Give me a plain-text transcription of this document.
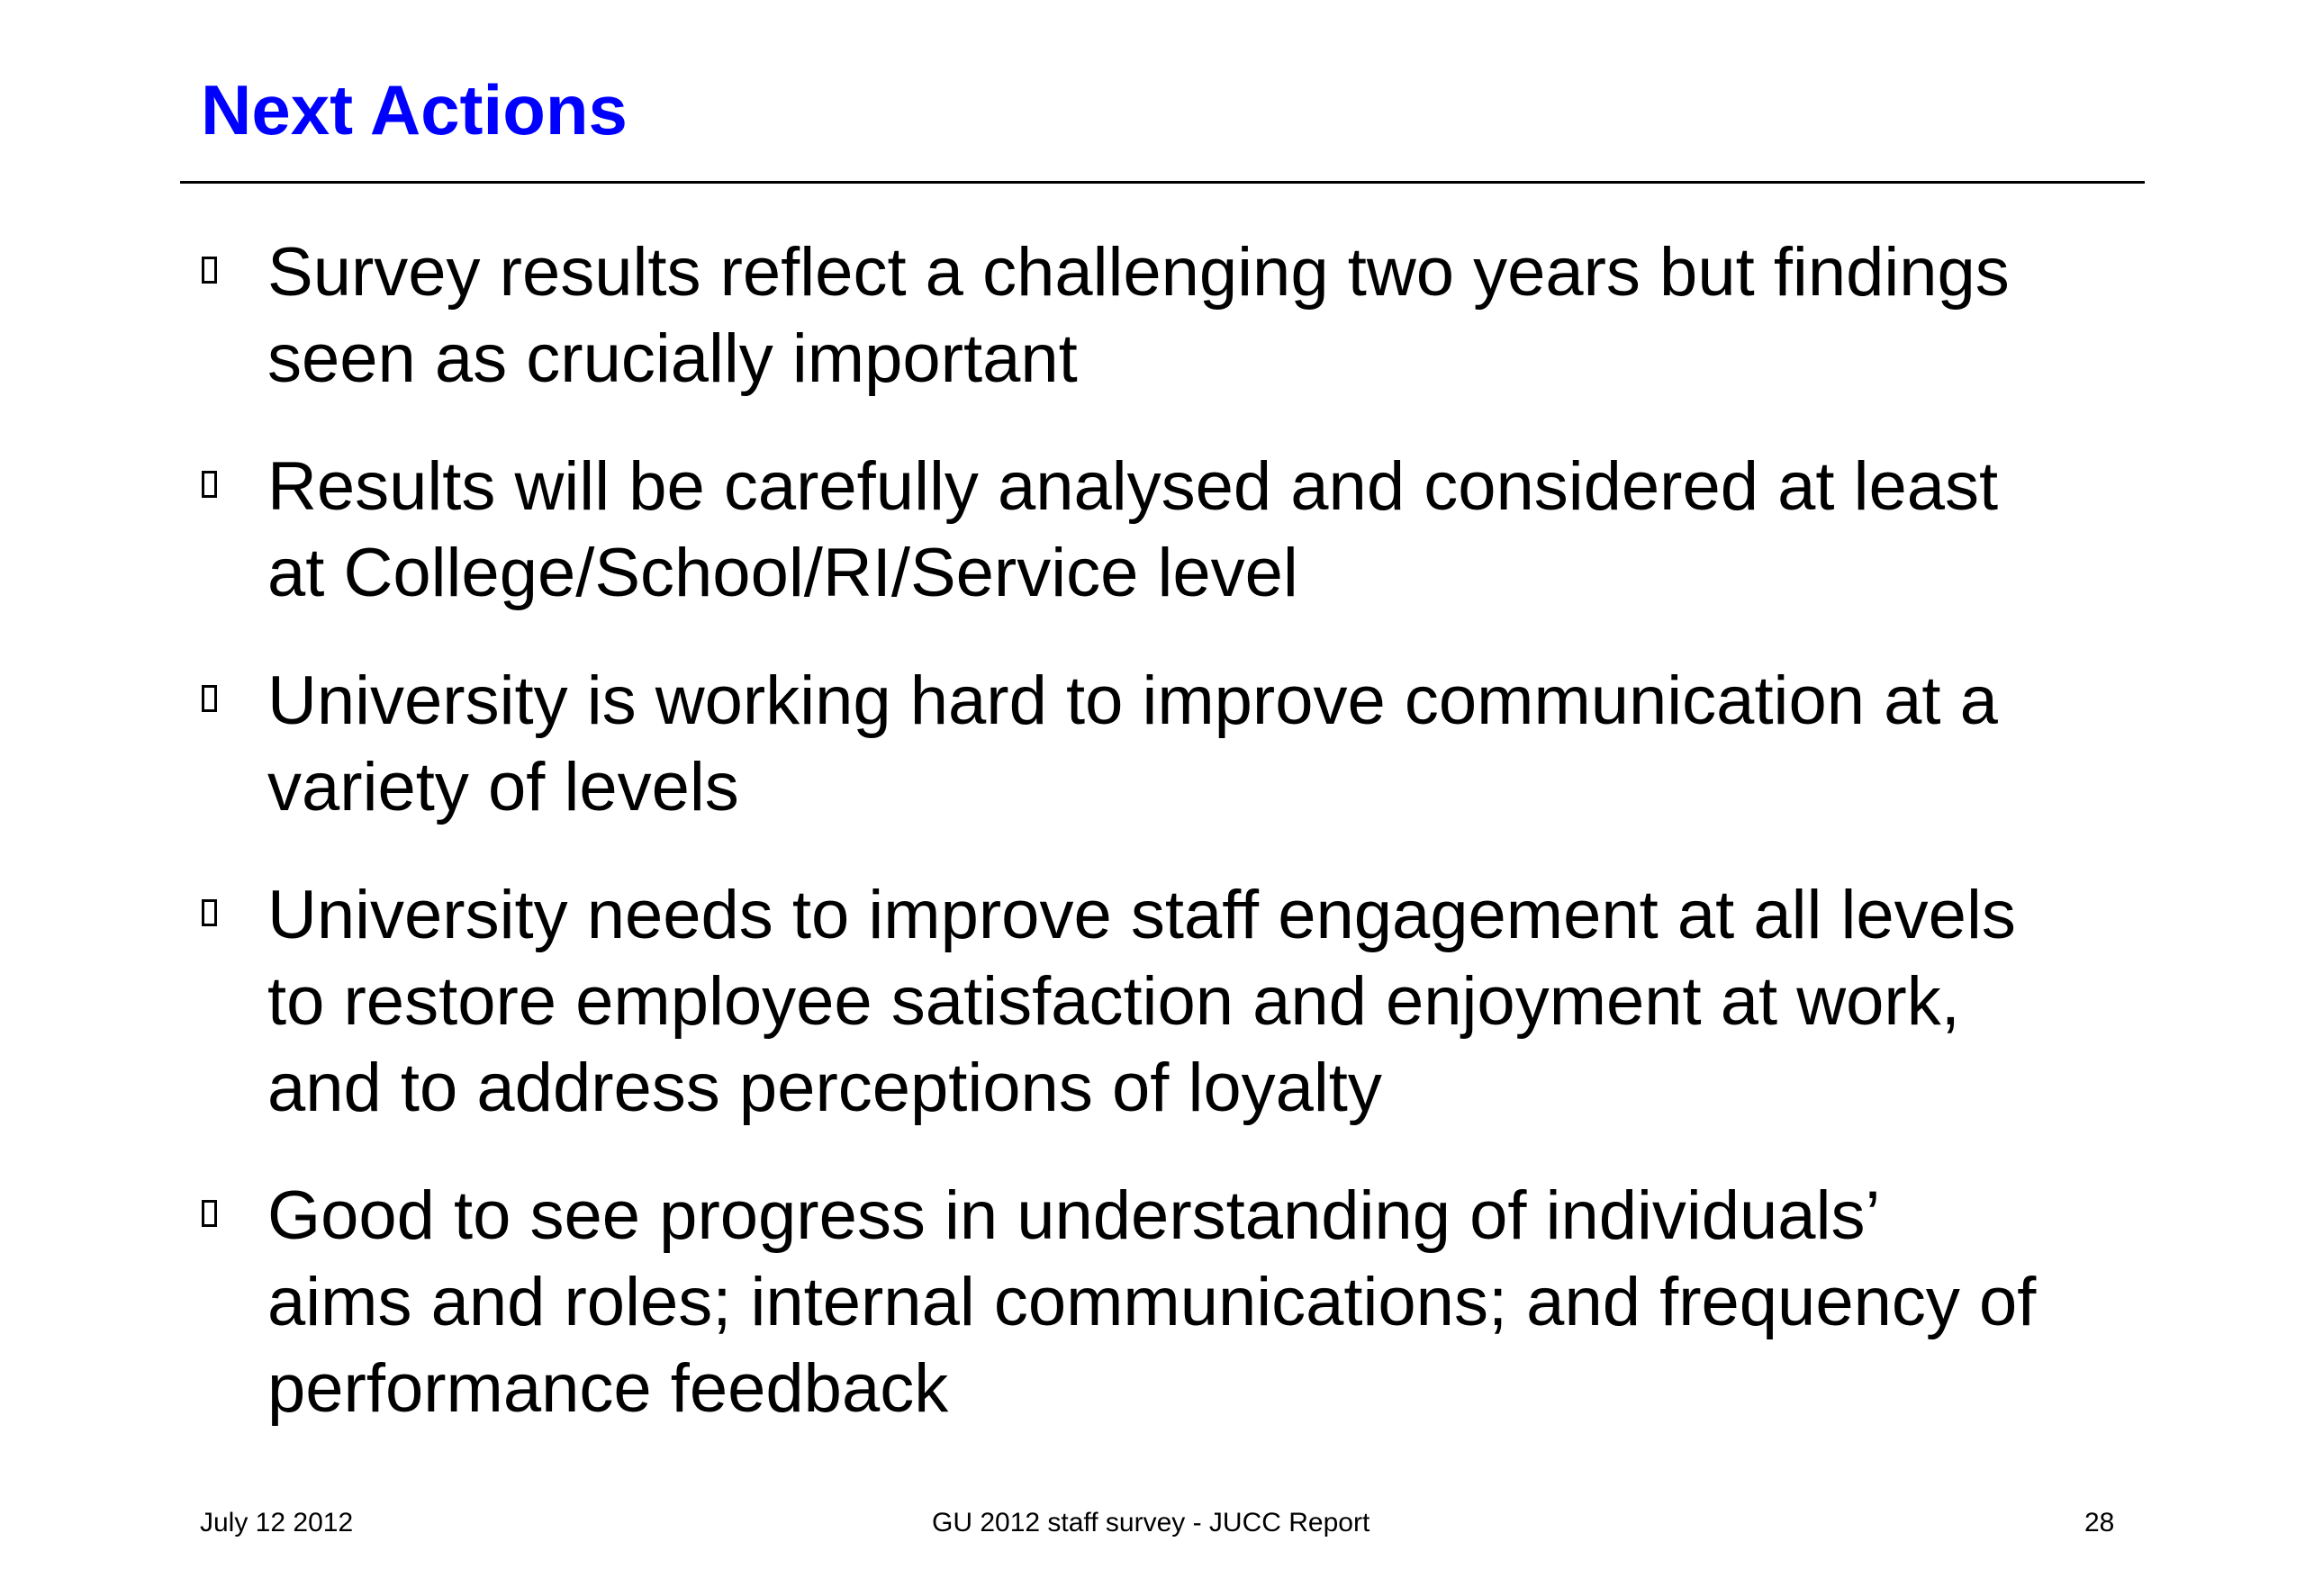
Next Actions
Survey results reflect a challenging two years but findings
seen as crucially important
Results will be carefully analysed and considered at least
at College/School/RI/Service level
University is working hard to improve communication at a
variety of levels
University needs to improve staff engagement at all levels
to restore employee satisfaction and enjoyment at work,
and to address perceptions of loyalty
Good to see progress in understanding of individuals’
aims and roles; internal communications; and frequency of
performance feedback
July 12 2012	GU 2012 staff survey - JUCC Report	28
